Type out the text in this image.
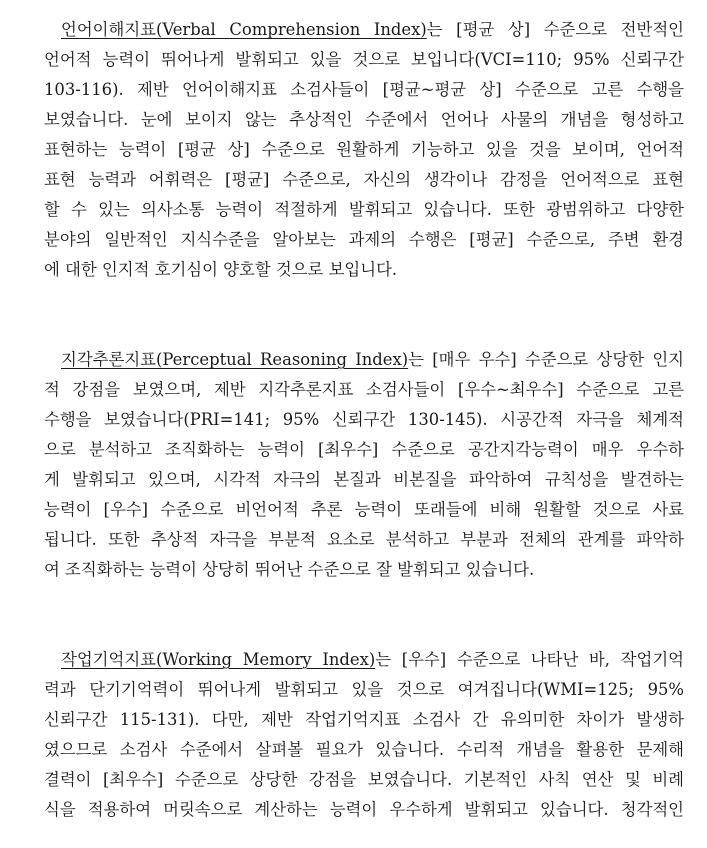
언어이해지표(Verbal Comprehension Index)는 [평균 상] 수준으로 전반적인
언어적 능력이 뛰어나게 발휘되고 있을 것으로 보입니다(VCI=110; 95% 신뢰구간
103-116). 제반 언어이해지표 소검사들이 [평균~평균 상] 수준으로 고른 수행을
보였습니다. 눈에 보이지 않는 추상적인 수준에서 언어나 사물의 개념을 형성하고
표현하는 능력이 [평균 상] 수준으로 원활하게 기능하고 있을 것을 보이며, 언어적
표현 능력과 어휘력은 [평균] 수준으로, 자신의 생각이나 감정을 언어적으로 표현
할 수 있는 의사소통 능력이 적절하게 발휘되고 있습니다. 또한 광범위하고 다양한
분야의 일반적인 지식수준을 알아보는 과제의 수행은 [평균] 수준으로, 주변 환경
에 대한 인지적 호기심이 양호할 것으로 보입니다.
지각추론지표(Perceptual Reasoning Index)는 [매우 우수] 수준으로 상당한 인지
적 강점을 보였으며, 제반 지각추론지표 소검사들이 [우수~최우수] 수준으로 고른
수행을 보였습니다(PRI=141; 95% 신뢰구간 130-145). 시공간적 자극을 체계적
으로 분석하고 조직화하는 능력이 [최우수] 수준으로 공간지각능력이 매우 우수하
게 발휘되고 있으며, 시각적 자극의 본질과 비본질을 파악하여 규칙성을 발견하는
능력이 [우수] 수준으로 비언어적 추론 능력이 또래들에 비해 원활할 것으로 사료
됩니다. 또한 추상적 자극을 부분적 요소로 분석하고 부분과 전체의 관계를 파악하
여 조직화하는 능력이 상당히 뛰어난 수준으로 잘 발휘되고 있습니다.
작업기억지표(Working Memory Index)는 [우수] 수준으로 나타난 바, 작업기억
력과 단기기억력이 뛰어나게 발휘되고 있을 것으로 여겨집니다(WMI=125; 95%
신뢰구간 115-131). 다만, 제반 작업기억지표 소검사 간 유의미한 차이가 발생하
였으므로 소검사 수준에서 살펴볼 필요가 있습니다. 수리적 개념을 활용한 문제해
결력이 [최우수] 수준으로 상당한 강점을 보였습니다. 기본적인 사칙 연산 및 비례
식을 적용하여 머릿속으로 계산하는 능력이 우수하게 발휘되고 있습니다. 청각적인
